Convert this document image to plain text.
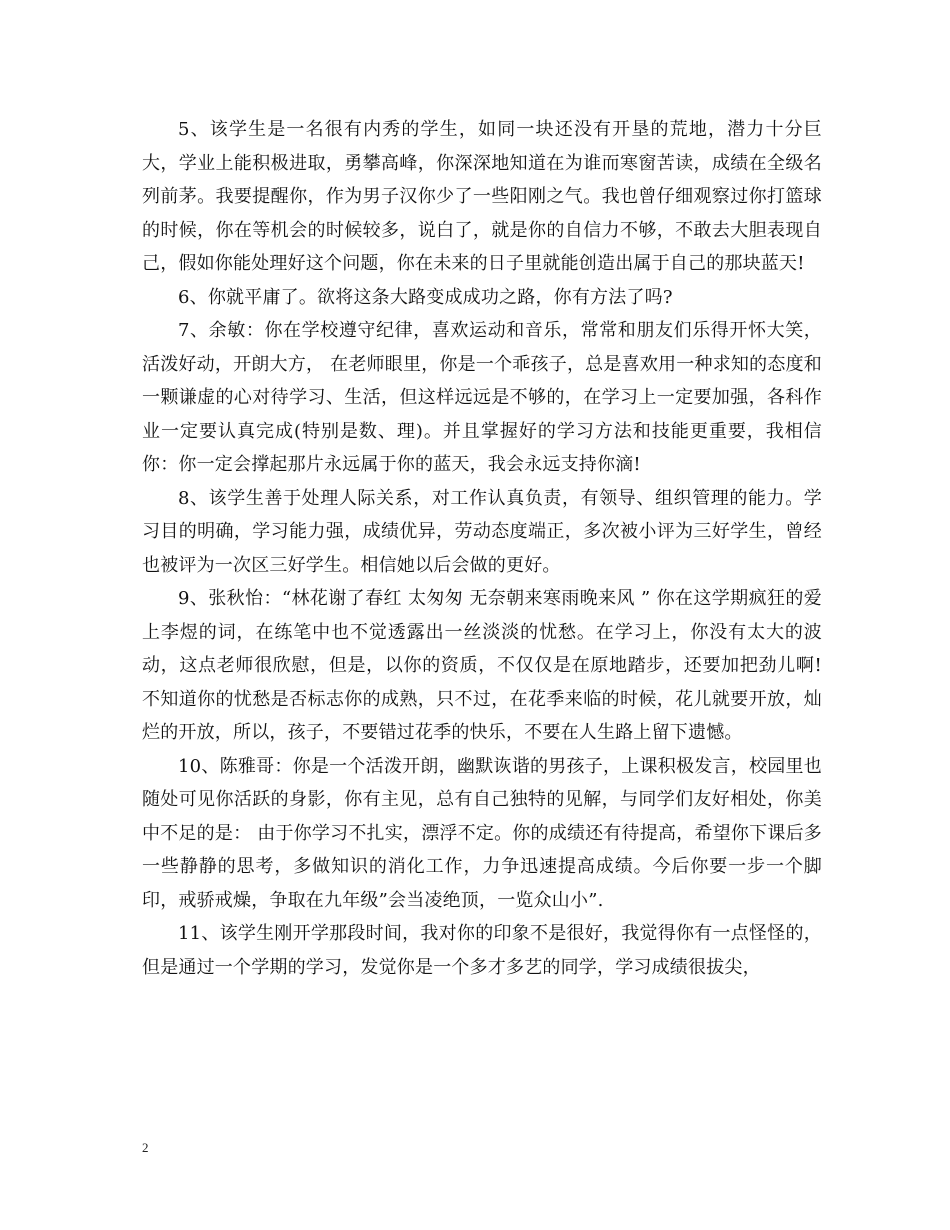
5、该学生是一名很有内秀的学生，如同一块还没有开垦的荒地，潜力十分巨大，学业上能积极进取，勇攀高峰，你深深地知道在为谁而寒窗苦读，成绩在全级名列前茅。我要提醒你，作为男子汉你少了一些阳刚之气。我也曾仔细观察过你打篮球的时候，你在等机会的时候较多，说白了，就是你的自信力不够，不敢去大胆表现自己，假如你能处理好这个问题，你在未来的日子里就能创造出属于自己的那块蓝天!

6、你就平庸了。欲将这条大路变成成功之路，你有方法了吗?

7、余敏：你在学校遵守纪律，喜欢运动和音乐，常常和朋友们乐得开怀大笑，活泼好动，开朗大方， 在老师眼里，你是一个乖孩子，总是喜欢用一种求知的态度和一颗谦虚的心对待学习、生活，但这样远远是不够的，在学习上一定要加强，各科作业一定要认真完成(特别是数、理)。并且掌握好的学习方法和技能更重要，我相信你：你一定会撑起那片永远属于你的蓝天，我会永远支持你滴!

8、该学生善于处理人际关系，对工作认真负责，有领导、组织管理的能力。学习目的明确，学习能力强，成绩优异，劳动态度端正，多次被小评为三好学生，曾经也被评为一次区三好学生。相信她以后会做的更好。

9、张秋怡：“林花谢了春红 太匆匆 无奈朝来寒雨晚来风 ” 你在这学期疯狂的爱上李煜的词，在练笔中也不觉透露出一丝淡淡的忧愁。在学习上，你没有太大的波动，这点老师很欣慰，但是，以你的资质，不仅仅是在原地踏步，还要加把劲儿啊!不知道你的忧愁是否标志你的成熟，只不过，在花季来临的时候，花儿就要开放，灿烂的开放，所以，孩子，不要错过花季的快乐，不要在人生路上留下遗憾。

10、陈雅哥：你是一个活泼开朗，幽默诙谐的男孩子，上课积极发言，校园里也随处可见你活跃的身影，你有主见，总有自己独特的见解，与同学们友好相处，你美中不足的是： 由于你学习不扎实，漂浮不定。你的成绩还有待提高，希望你下课后多一些静静的思考，多做知识的消化工作，力争迅速提高成绩。今后你要一步一个脚印，戒骄戒燥，争取在九年级”会当凌绝顶，一览众山小”.

11、该学生刚开学那段时间，我对你的印象不是很好，我觉得你有一点怪怪的，但是通过一个学期的学习，发觉你是一个多才多艺的同学，学习成绩很拔尖，

2
